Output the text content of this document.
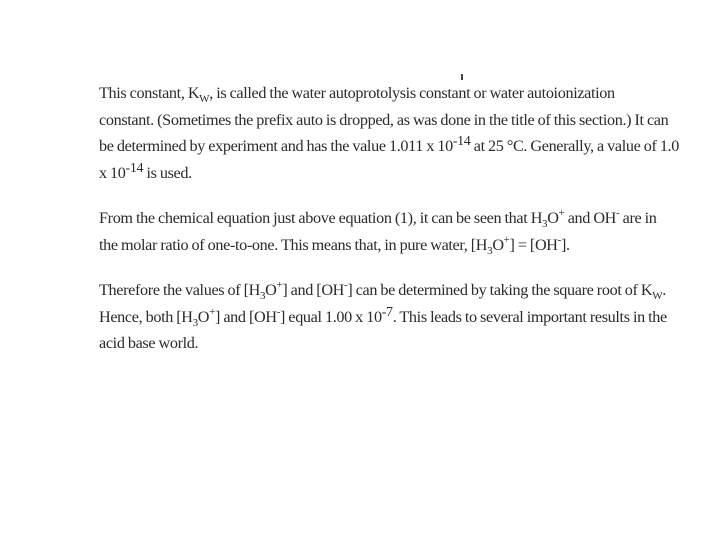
This constant, $K_W$, is called the water autoprotolysis constant or water autoionization
constant. (Sometimes the prefix auto is dropped, as was done in the title of this section.) It can
be determined by experiment and has the value 1.011 x $10^{-14}$ at 25 °C. Generally, a value of 1.0
x $10^{-14}$ is used.

From the chemical equation just above equation (1), it can be seen that $H_3O^+$ and OH- are in
the molar ratio of one-to-one. This means that, in pure water, $[H_3O^+] = [OH^-]$.

Therefore the values of $[H_3O^+]$ and [OH-] can be determined by taking the square root of $K_W$.
Hence, both $[H_3O^+]$ and [OH-] equal 1.00 x $10^{-7}$. This leads to several important results in the
acid base world.
